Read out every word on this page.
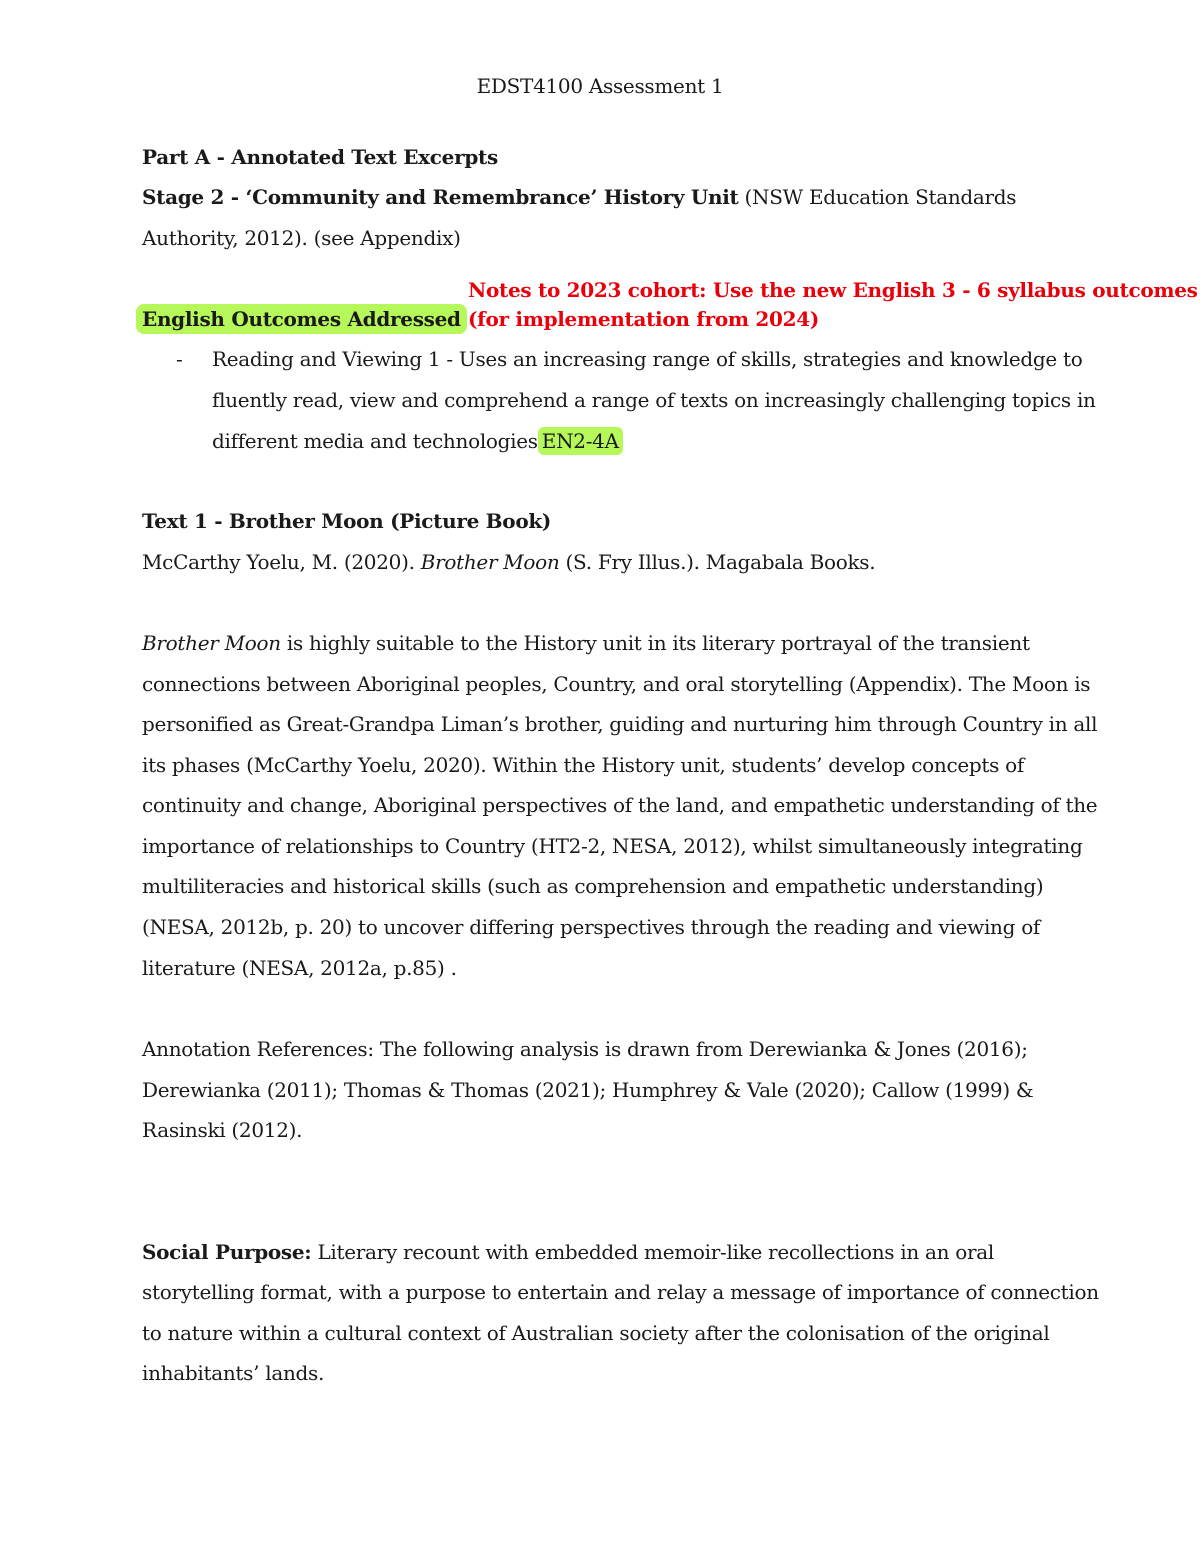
EDST4100 Assessment 1
Part A - Annotated Text Excerpts
Stage 2 - ‘Community and Remembrance’ History Unit (NSW Education Standards
Authority, 2012). (see Appendix)
Notes to 2023 cohort: Use the new English 3 - 6 syllabus outcomes
(for implementation from 2024)
English Outcomes Addressed
- Reading and Viewing 1 - Uses an increasing range of skills, strategies and knowledge to
fluently read, view and comprehend a range of texts on increasingly challenging topics in
different media and technologies EN2-4A
Text 1 - Brother Moon (Picture Book)
McCarthy Yoelu, M. (2020). Brother Moon (S. Fry Illus.). Magabala Books.
Brother Moon is highly suitable to the History unit in its literary portrayal of the transient
connections between Aboriginal peoples, Country, and oral storytelling (Appendix). The Moon is
personified as Great-Grandpa Liman’s brother, guiding and nurturing him through Country in all
its phases (McCarthy Yoelu, 2020). Within the History unit, students’ develop concepts of
continuity and change, Aboriginal perspectives of the land, and empathetic understanding of the
importance of relationships to Country (HT2-2, NESA, 2012), whilst simultaneously integrating
multiliteracies and historical skills (such as comprehension and empathetic understanding)
(NESA, 2012b, p. 20) to uncover differing perspectives through the reading and viewing of
literature (NESA, 2012a, p.85) .
Annotation References: The following analysis is drawn from Derewianka & Jones (2016);
Derewianka (2011); Thomas & Thomas (2021); Humphrey & Vale (2020); Callow (1999) &
Rasinski (2012).
Social Purpose: Literary recount with embedded memoir-like recollections in an oral
storytelling format, with a purpose to entertain and relay a message of importance of connection
to nature within a cultural context of Australian society after the colonisation of the original
inhabitants’ lands.
